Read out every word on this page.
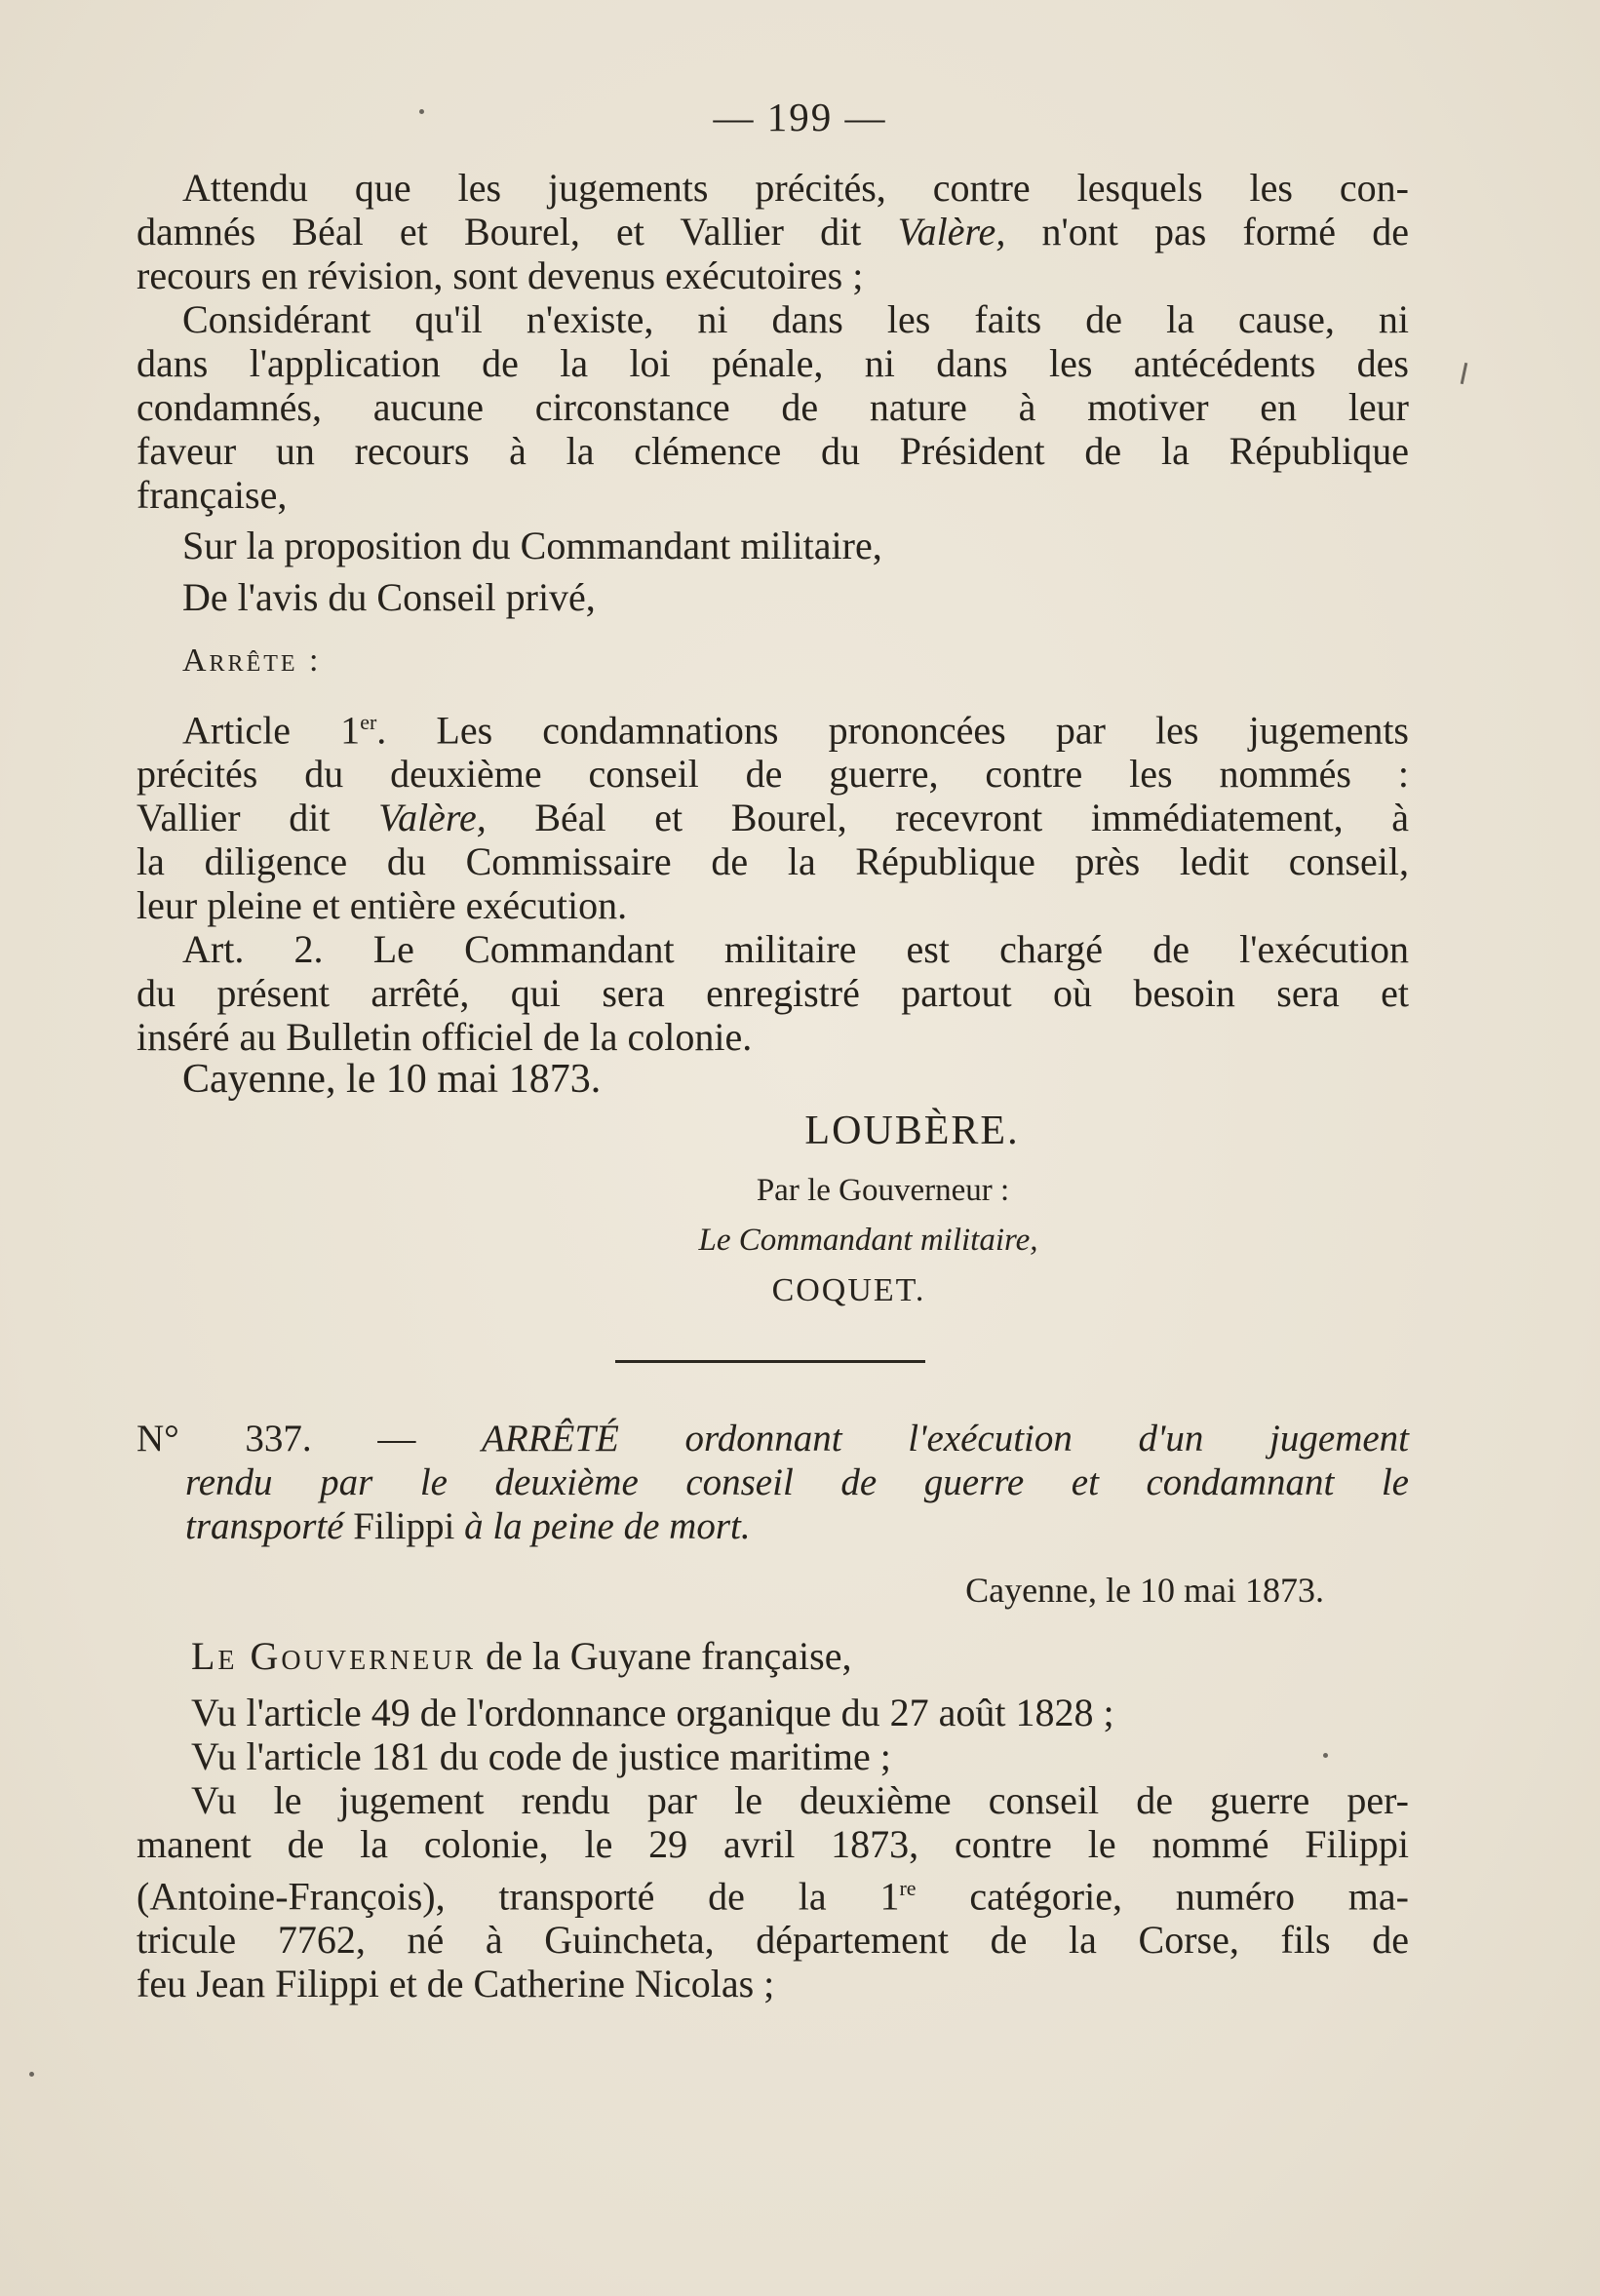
— 199 —
Attendu que les jugements précités, contre lesquels les con-
damnés Béal et Bourel, et Vallier dit Valère, n'ont pas formé de
recours en révision, sont devenus exécutoires ;
Considérant qu'il n'existe, ni dans les faits de la cause, ni
dans l'application de la loi pénale, ni dans les antécédents des
condamnés, aucune circonstance de nature à motiver en leur
faveur un recours à la clémence du Président de la République
française,
Sur la proposition du Commandant militaire,
De l'avis du Conseil privé,
Arrête :
Article 1er. Les condamnations prononcées par les jugements
précités du deuxième conseil de guerre, contre les nommés :
Vallier dit Valère, Béal et Bourel, recevront immédiatement, à
la diligence du Commissaire de la République près ledit conseil,
leur pleine et entière exécution.
Art. 2. Le Commandant militaire est chargé de l'exécution
du présent arrêté, qui sera enregistré partout où besoin sera et
inséré au Bulletin officiel de la colonie.
Cayenne, le 10 mai 1873.
LOUBÈRE.
Par le Gouverneur :
Le Commandant militaire,
COQUET.
N° 337. — ARRÊTÉ ordonnant l'exécution d'un jugement
rendu par le deuxième conseil de guerre et condamnant le
transporté Filippi à la peine de mort.
Cayenne, le 10 mai 1873.
Le Gouverneur de la Guyane française,
Vu l'article 49 de l'ordonnance organique du 27 août 1828 ;
Vu l'article 181 du code de justice maritime ;
Vu le jugement rendu par le deuxième conseil de guerre per-
manent de la colonie, le 29 avril 1873, contre le nommé Filippi
(Antoine-François), transporté de la 1re catégorie, numéro ma-
tricule 7762, né à Guincheta, département de la Corse, fils de
feu Jean Filippi et de Catherine Nicolas ;
